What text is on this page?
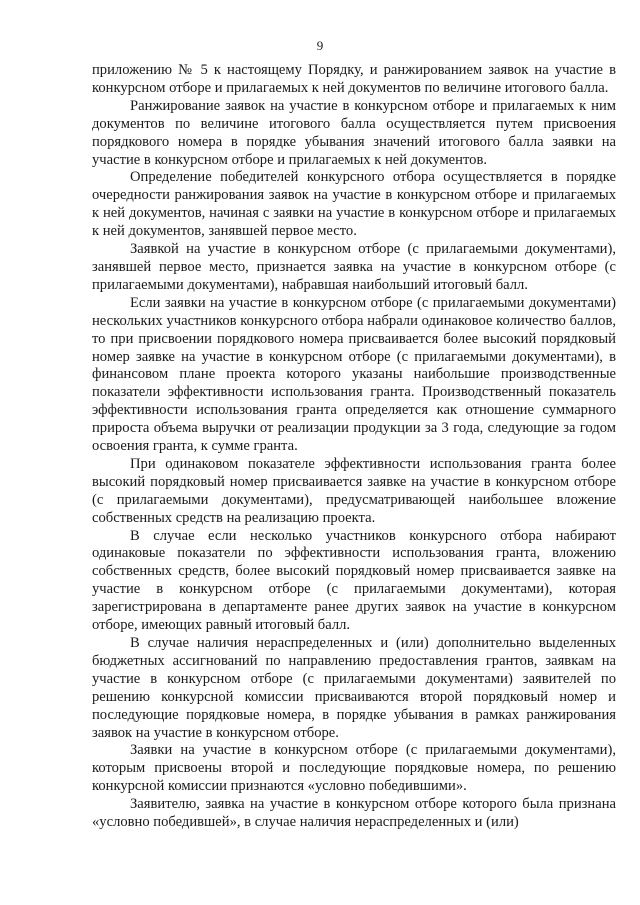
9

приложению № 5 к настоящему Порядку, и ранжированием заявок на участие в конкурсном отборе и прилагаемых к ней документов по величине итогового балла.

Ранжирование заявок на участие в конкурсном отборе и прилагаемых к ним документов по величине итогового балла осуществляется путем присвоения порядкового номера в порядке убывания значений итогового балла заявки на участие в конкурсном отборе и прилагаемых к ней документов.

Определение победителей конкурсного отбора осуществляется в порядке очередности ранжирования заявок на участие в конкурсном отборе и прилагаемых к ней документов, начиная с заявки на участие в конкурсном отборе и прилагаемых к ней документов, занявшей первое место.

Заявкой на участие в конкурсном отборе (с прилагаемыми документами), занявшей первое место, признается заявка на участие в конкурсном отборе (с прилагаемыми документами), набравшая наибольший итоговый балл.

Если заявки на участие в конкурсном отборе (с прилагаемыми документами) нескольких участников конкурсного отбора набрали одинаковое количество баллов, то при присвоении порядкового номера присваивается более высокий порядковый номер заявке на участие в конкурсном отборе (с прилагаемыми документами), в финансовом плане проекта которого указаны наибольшие производственные показатели эффективности использования гранта. Производственный показатель эффективности использования гранта определяется как отношение суммарного прироста объема выручки от реализации продукции за 3 года, следующие за годом освоения гранта, к сумме гранта.

При одинаковом показателе эффективности использования гранта более высокий порядковый номер присваивается заявке на участие в конкурсном отборе (с прилагаемыми документами), предусматривающей наибольшее вложение собственных средств на реализацию проекта.

В случае если несколько участников конкурсного отбора набирают одинаковые показатели по эффективности использования гранта, вложению собственных средств, более высокий порядковый номер присваивается заявке на участие в конкурсном отборе (с прилагаемыми документами), которая зарегистрирована в департаменте ранее других заявок на участие в конкурсном отборе, имеющих равный итоговый балл.

В случае наличия нераспределенных и (или) дополнительно выделенных бюджетных ассигнований по направлению предоставления грантов, заявкам на участие в конкурсном отборе (с прилагаемыми документами) заявителей по решению конкурсной комиссии присваиваются второй порядковый номер и последующие порядковые номера, в порядке убывания в рамках ранжирования заявок на участие в конкурсном отборе.

Заявки на участие в конкурсном отборе (с прилагаемыми документами), которым присвоены второй и последующие порядковые номера, по решению конкурсной комиссии признаются «условно победившими».

Заявителю, заявка на участие в конкурсном отборе которого была признана «условно победившей», в случае наличия нераспределенных и (или)
